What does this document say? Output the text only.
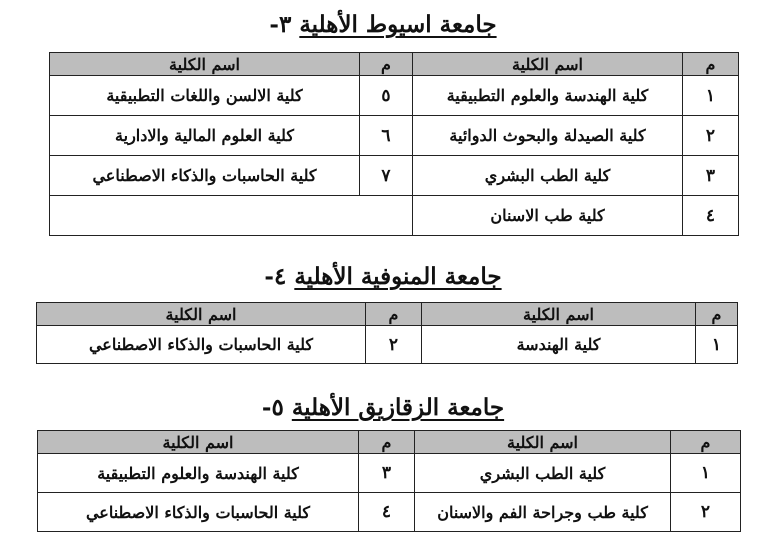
جامعة اسيوط الأهلية ٣-
م	اسم الكلية	م	اسم الكلية
١	كلية الهندسة والعلوم التطبيقية	٥	كلية الالسن واللغات التطبيقية
٢	كلية الصيدلة والبحوث الدوائية	٦	كلية العلوم المالية والادارية
٣	كلية الطب البشري	٧	كلية الحاسبات والذكاء الاصطناعي
٤	كلية طب الاسنان		
جامعة المنوفية الأهلية ٤-
م	اسم الكلية	م	اسم الكلية
١	كلية الهندسة	٢	كلية الحاسبات والذكاء الاصطناعي
جامعة الزقازيق الأهلية ٥-
م	اسم الكلية	م	اسم الكلية
١	كلية الطب البشري	٣	كلية الهندسة والعلوم التطبيقية
٢	كلية طب وجراحة الفم والاسنان	٤	كلية الحاسبات والذكاء الاصطناعي
